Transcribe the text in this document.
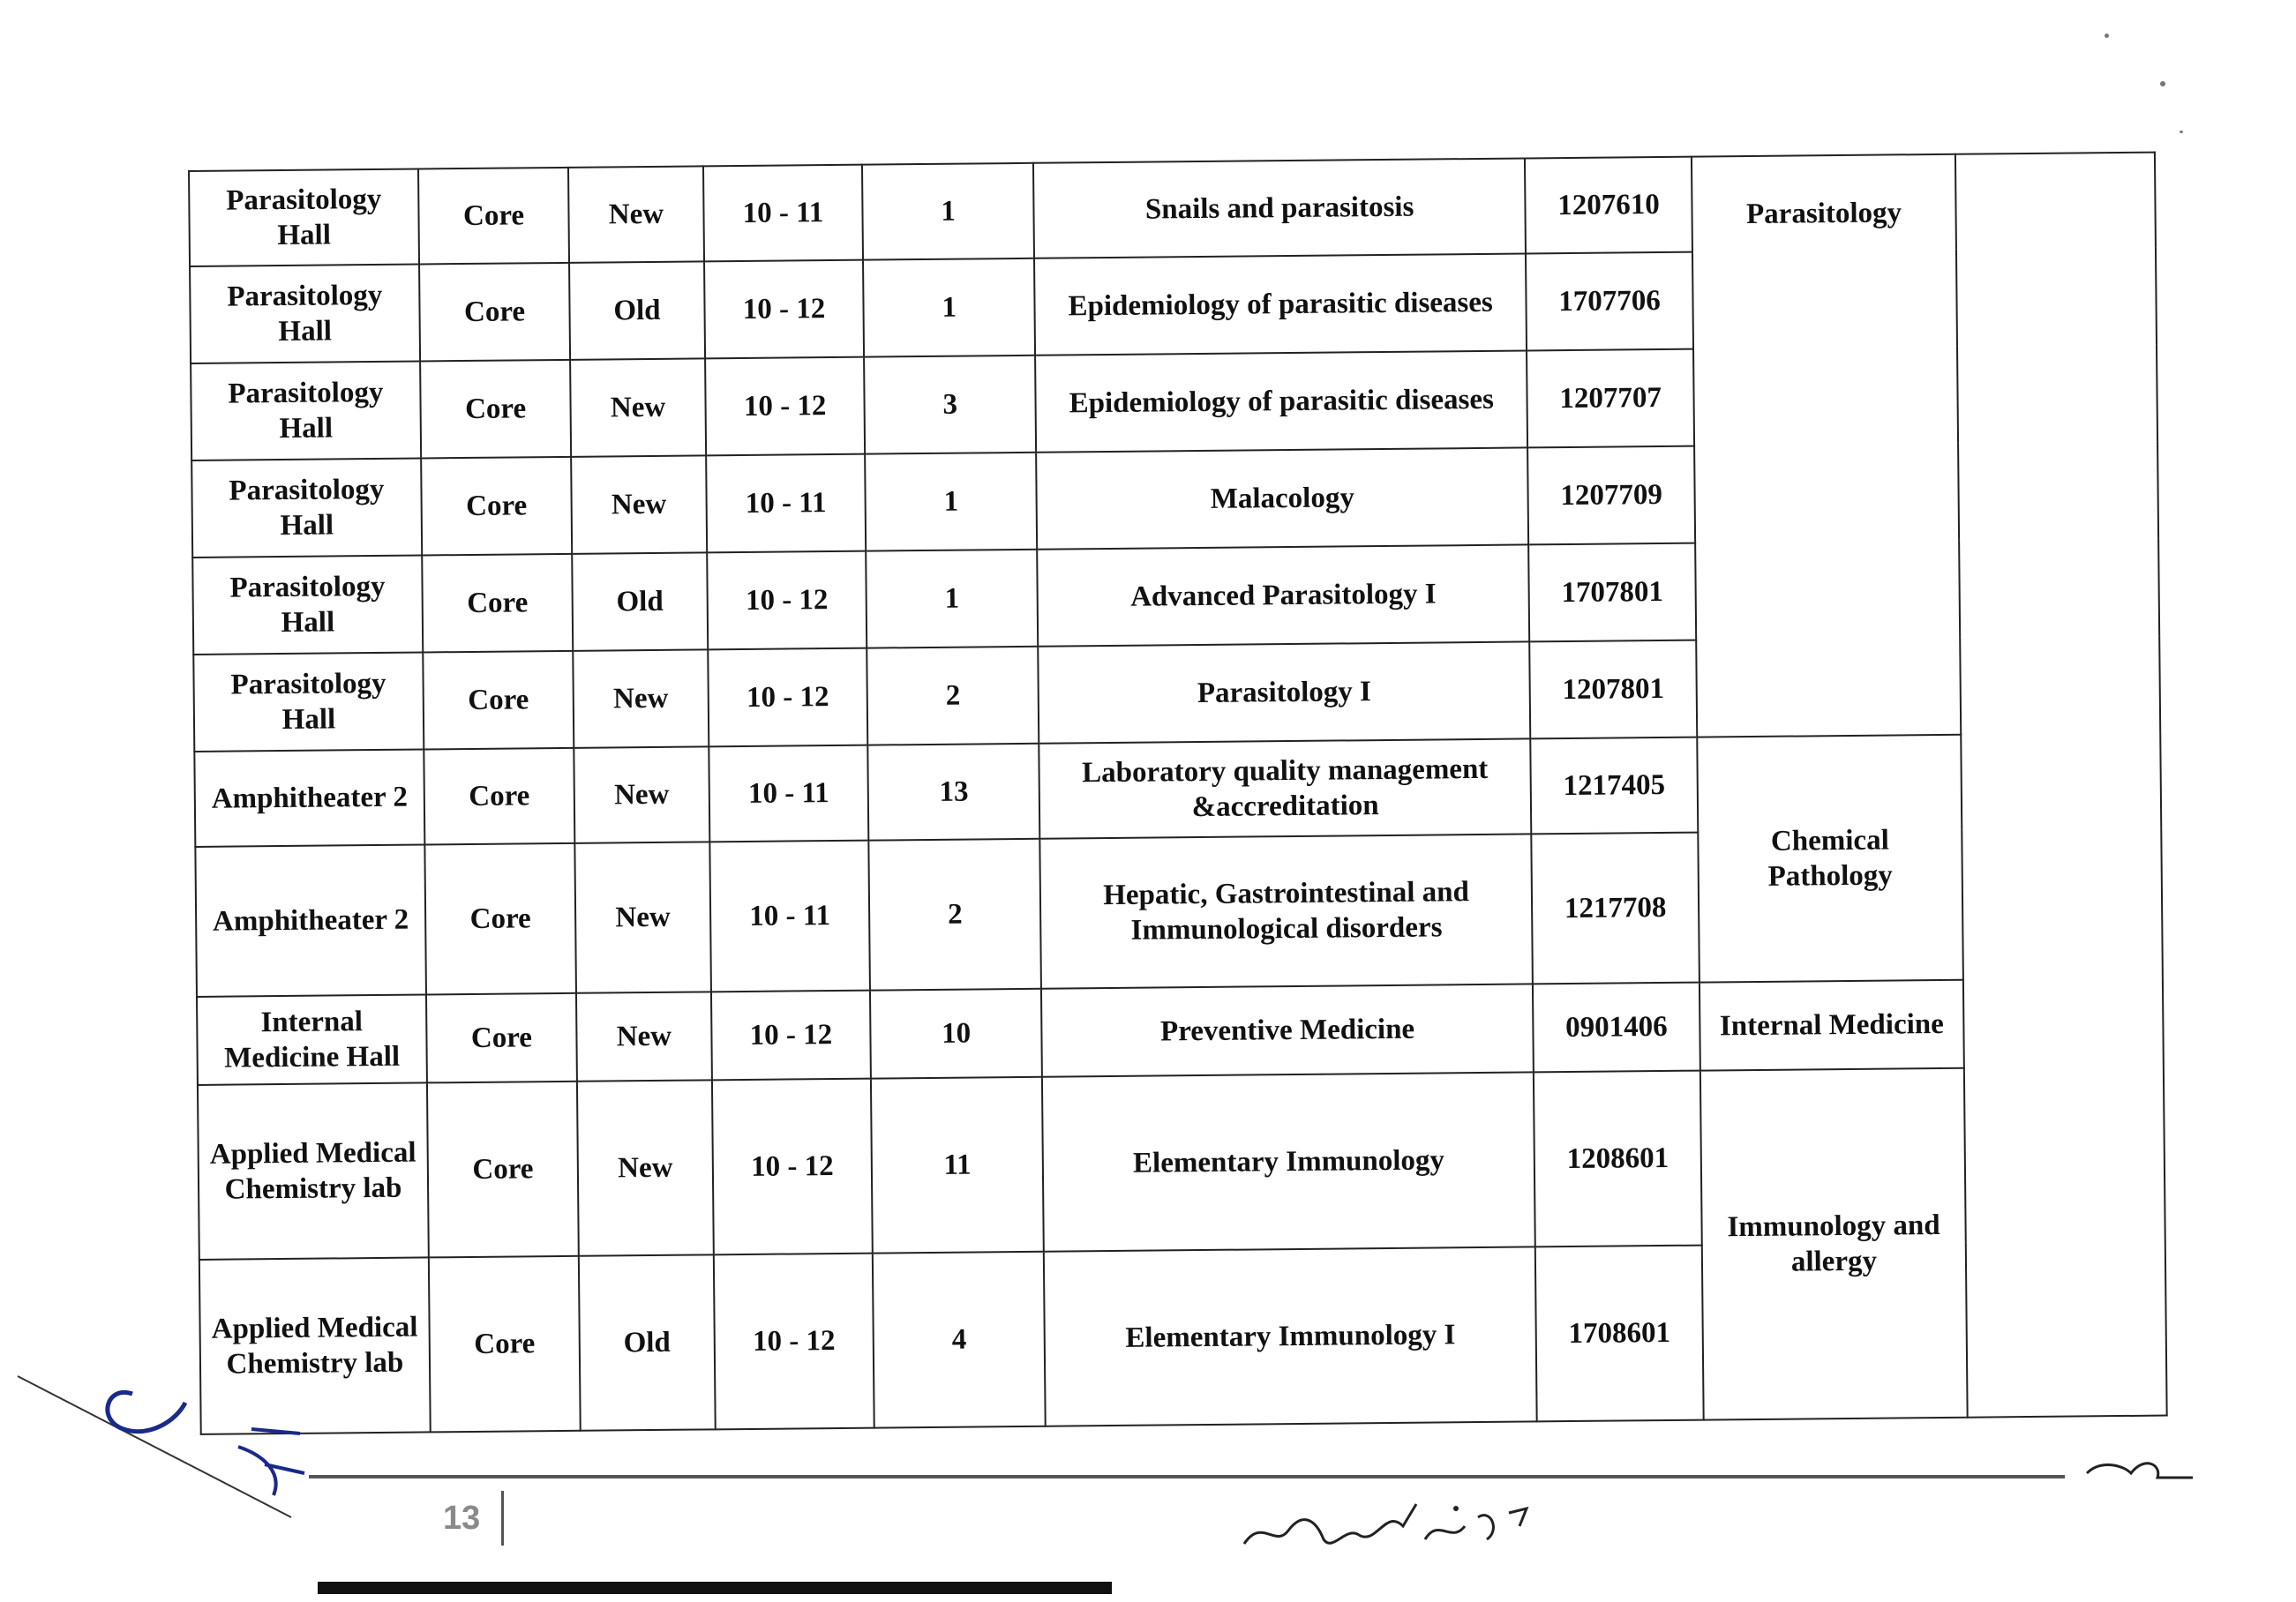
Parasitology Hall	Core	New	10 - 11	1	Snails and parasitosis	1207610	Parasitology	
Parasitology Hall	Core	Old	10 - 12	1	Epidemiology of parasitic diseases	1707706		
Parasitology Hall	Core	New	10 - 12	3	Epidemiology of parasitic diseases	1207707		
Parasitology Hall	Core	New	10 - 11	1	Malacology	1207709		
Parasitology Hall	Core	Old	10 - 12	1	Advanced Parasitology I	1707801		
Parasitology Hall	Core	New	10 - 12	2	Parasitology I	1207801		
Amphitheater 2	Core	New	10 - 11	13	Laboratory quality management &accreditation	1217405	Chemical Pathology	
Amphitheater 2	Core	New	10 - 11	2	Hepatic, Gastrointestinal and Immunological disorders	1217708		
Internal Medicine Hall	Core	New	10 - 12	10	Preventive Medicine	0901406	Internal Medicine	
Applied Medical Chemistry lab	Core	New	10 - 12	11	Elementary Immunology	1208601	Immunology and allergy	
Applied Medical Chemistry lab	Core	Old	10 - 12	4	Elementary Immunology I	1708601		
13
